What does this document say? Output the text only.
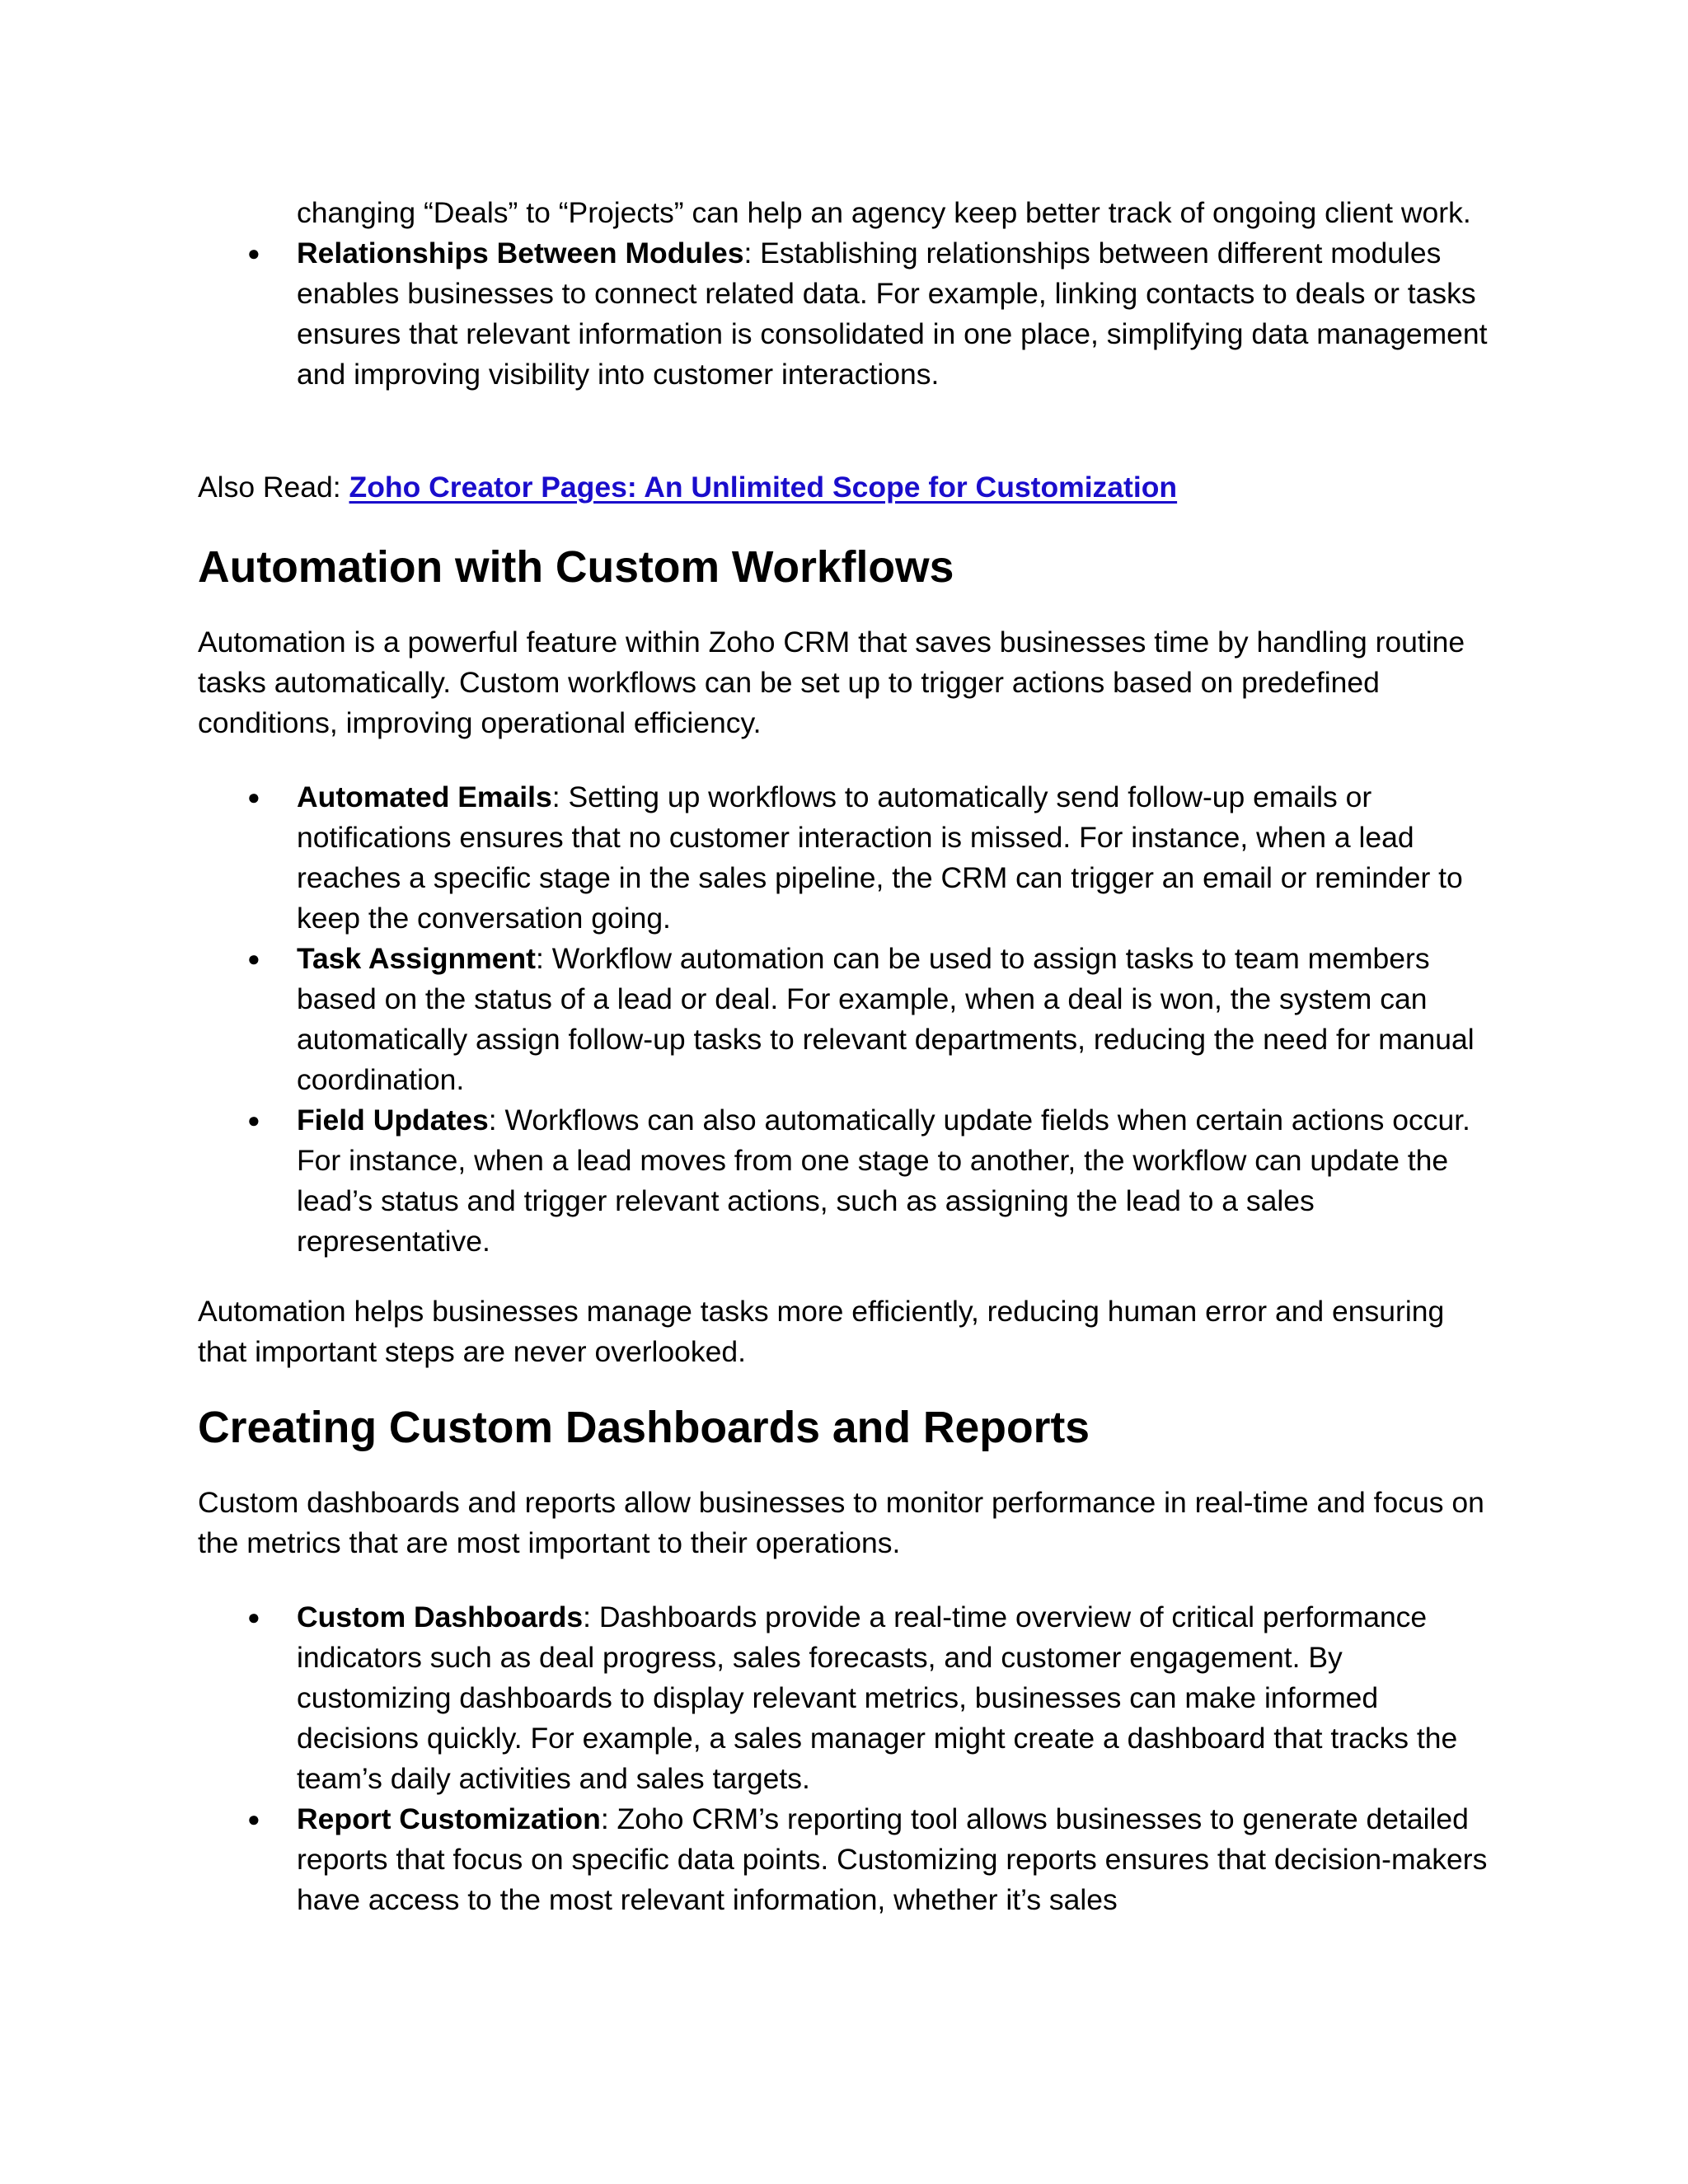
changing “Deals” to “Projects” can help an agency keep better track of ongoing client work.

●	Relationships Between Modules: Establishing relationships between different modules enables businesses to connect related data. For example, linking contacts to deals or tasks ensures that relevant information is consolidated in one place, simplifying data management and improving visibility into customer interactions.

Also Read: Zoho Creator Pages: An Unlimited Scope for Customization

Automation with Custom Workflows

Automation is a powerful feature within Zoho CRM that saves businesses time by handling routine tasks automatically. Custom workflows can be set up to trigger actions based on predefined conditions, improving operational efficiency.

●	Automated Emails: Setting up workflows to automatically send follow-up emails or notifications ensures that no customer interaction is missed. For instance, when a lead reaches a specific stage in the sales pipeline, the CRM can trigger an email or reminder to keep the conversation going.
●	Task Assignment: Workflow automation can be used to assign tasks to team members based on the status of a lead or deal. For example, when a deal is won, the system can automatically assign follow-up tasks to relevant departments, reducing the need for manual coordination.
●	Field Updates: Workflows can also automatically update fields when certain actions occur. For instance, when a lead moves from one stage to another, the workflow can update the lead’s status and trigger relevant actions, such as assigning the lead to a sales representative.

Automation helps businesses manage tasks more efficiently, reducing human error and ensuring that important steps are never overlooked.

Creating Custom Dashboards and Reports

Custom dashboards and reports allow businesses to monitor performance in real-time and focus on the metrics that are most important to their operations.

●	Custom Dashboards: Dashboards provide a real-time overview of critical performance indicators such as deal progress, sales forecasts, and customer engagement. By customizing dashboards to display relevant metrics, businesses can make informed decisions quickly. For example, a sales manager might create a dashboard that tracks the team’s daily activities and sales targets.
●	Report Customization: Zoho CRM’s reporting tool allows businesses to generate detailed reports that focus on specific data points. Customizing reports ensures that decision-makers have access to the most relevant information, whether it’s sales
